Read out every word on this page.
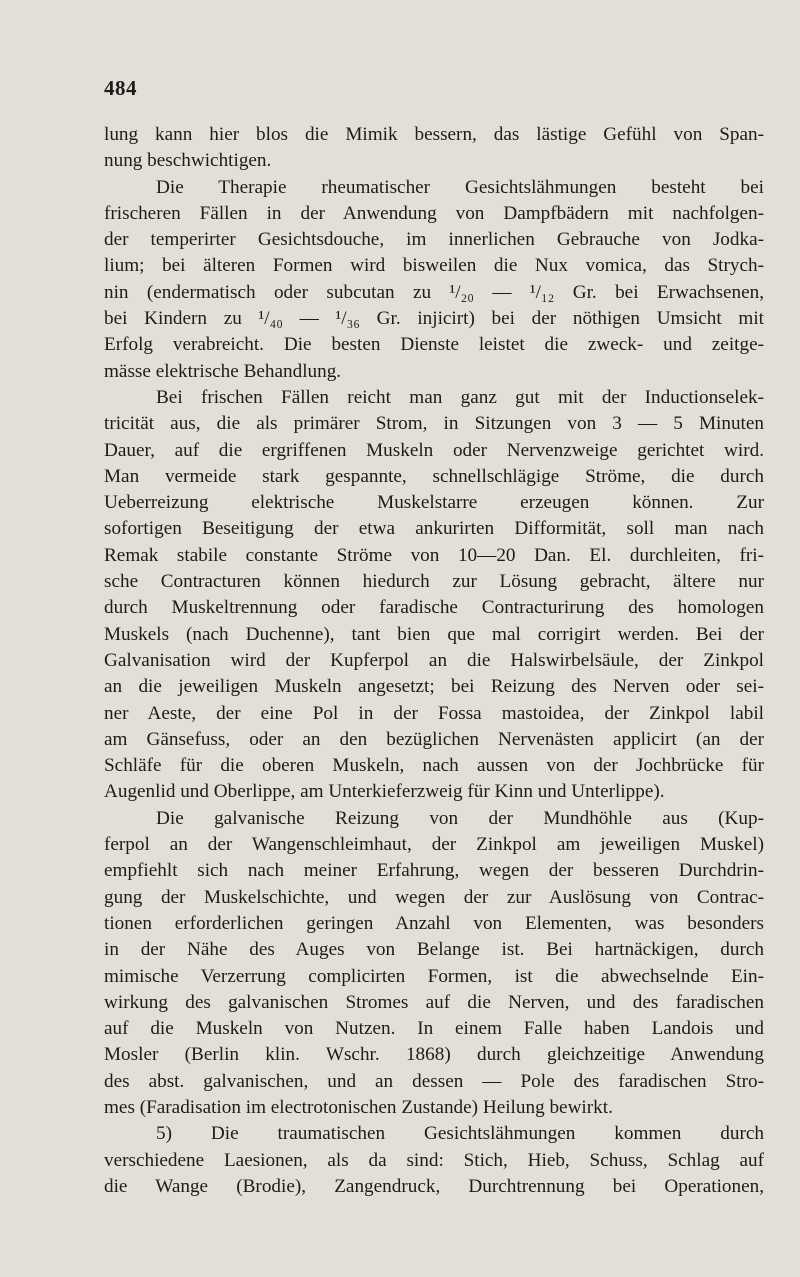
484
lung kann hier blos die Mimik bessern, das lästige Gefühl von Span-
nung beschwichtigen.
Die Therapie rheumatischer Gesichtslähmungen besteht bei
frischeren Fällen in der Anwendung von Dampfbädern mit nachfolgen-
der temperirter Gesichtsdouche, im innerlichen Gebrauche von Jodka-
lium; bei älteren Formen wird bisweilen die Nux vomica, das Strych-
nin (endermatisch oder subcutan zu ¹/₂₀ — ¹/₁₂ Gr. bei Erwachsenen,
bei Kindern zu ¹/₄₀ — ¹/₃₆ Gr. injicirt) bei der nöthigen Umsicht mit
Erfolg verabreicht. Die besten Dienste leistet die zweck- und zeitge-
mässe elektrische Behandlung.
Bei frischen Fällen reicht man ganz gut mit der Inductionselek-
tricität aus, die als primärer Strom, in Sitzungen von 3 — 5 Minuten
Dauer, auf die ergriffenen Muskeln oder Nervenzweige gerichtet wird.
Man vermeide stark gespannte, schnellschlägige Ströme, die durch
Ueberreizung elektrische Muskelstarre erzeugen können. Zur
sofortigen Beseitigung der etwa ankurirten Difformität, soll man nach
Remak stabile constante Ströme von 10—20 Dan. El. durchleiten, fri-
sche Contracturen können hiedurch zur Lösung gebracht, ältere nur
durch Muskeltrennung oder faradische Contracturirung des homologen
Muskels (nach Duchenne), tant bien que mal corrigirt werden. Bei der
Galvanisation wird der Kupferpol an die Halswirbelsäule, der Zinkpol
an die jeweiligen Muskeln angesetzt; bei Reizung des Nerven oder sei-
ner Aeste, der eine Pol in der Fossa mastoidea, der Zinkpol labil
am Gänsefuss, oder an den bezüglichen Nervenästen applicirt (an der
Schläfe für die oberen Muskeln, nach aussen von der Jochbrücke für
Augenlid und Oberlippe, am Unterkieferzweig für Kinn und Unterlippe).
Die galvanische Reizung von der Mundhöhle aus (Kup-
ferpol an der Wangenschleimhaut, der Zinkpol am jeweiligen Muskel)
empfiehlt sich nach meiner Erfahrung, wegen der besseren Durchdrin-
gung der Muskelschichte, und wegen der zur Auslösung von Contrac-
tionen erforderlichen geringen Anzahl von Elementen, was besonders
in der Nähe des Auges von Belange ist. Bei hartnäckigen, durch
mimische Verzerrung complicirten Formen, ist die abwechselnde Ein-
wirkung des galvanischen Stromes auf die Nerven, und des faradischen
auf die Muskeln von Nutzen. In einem Falle haben Landois und
Mosler (Berlin klin. Wschr. 1868) durch gleichzeitige Anwendung
des abst. galvanischen, und an dessen — Pole des faradischen Stro-
mes (Faradisation im electrotonischen Zustande) Heilung bewirkt.
5) Die traumatischen Gesichtslähmungen kommen durch
verschiedene Laesionen, als da sind: Stich, Hieb, Schuss, Schlag auf
die Wange (Brodie), Zangendruck, Durchtrennung bei Operationen,
